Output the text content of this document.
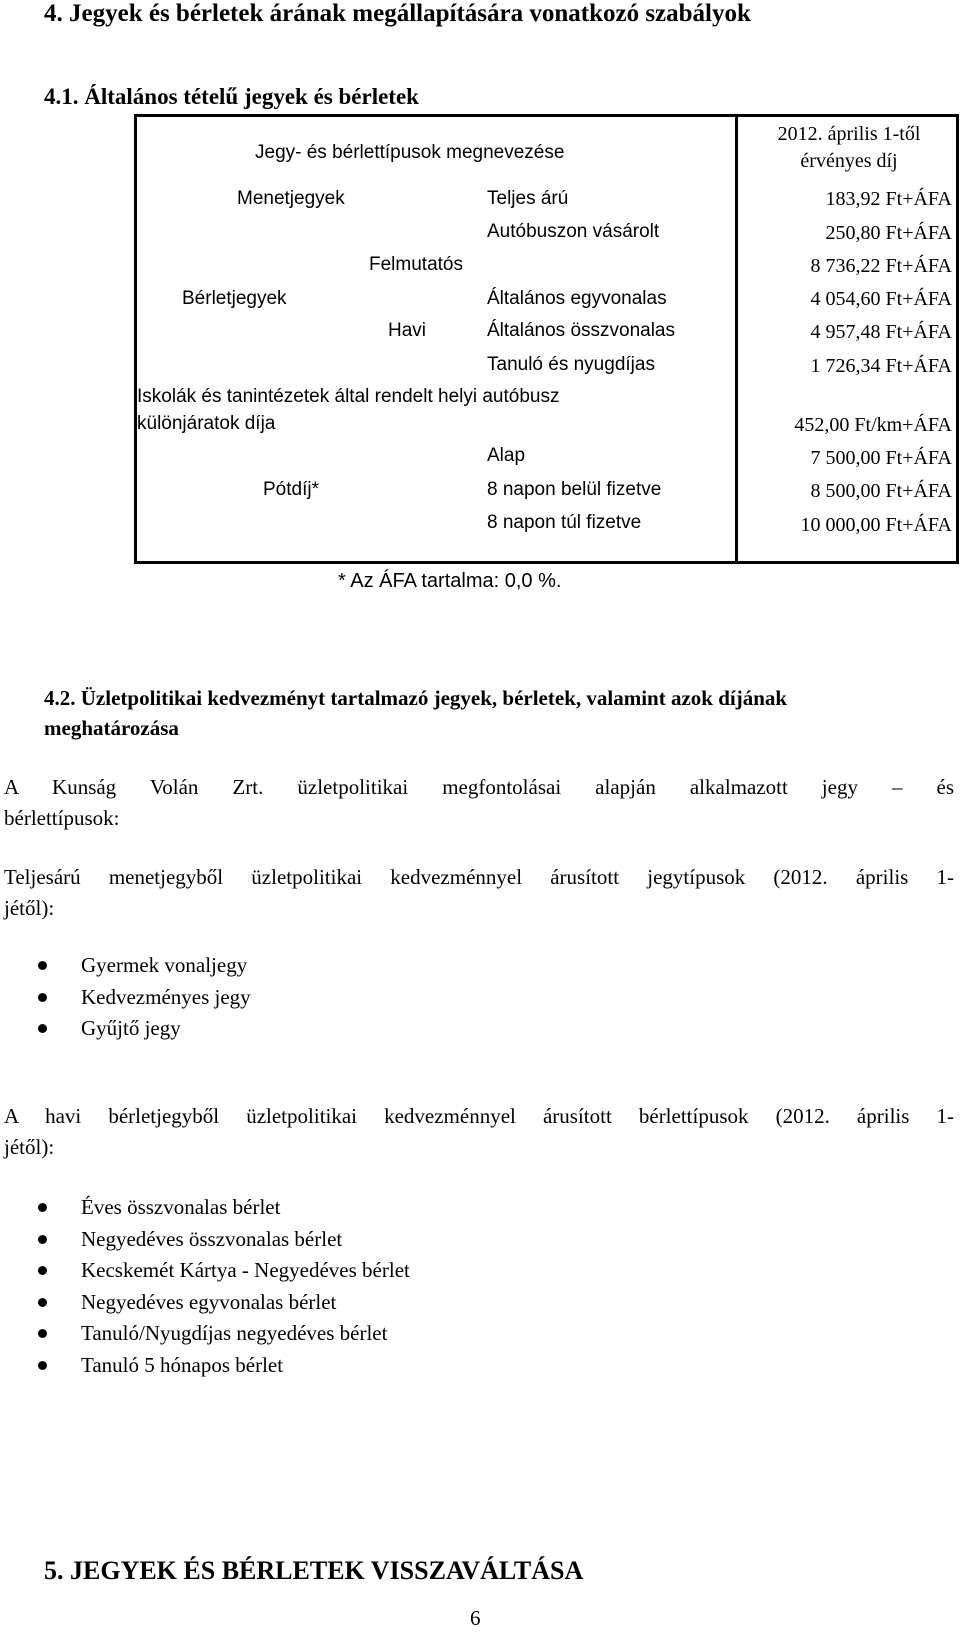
4. Jegyek és bérletek árának megállapítására vonatkozó szabályok
4.1. Általános tételű jegyek és bérletek
Jegy- és bérlettípusok megnevezése
2012. április 1-től érvényes díj
Menetjegyek	Teljes árú	183,92 Ft+ÁFA
Autóbuszon vásárolt	250,80 Ft+ÁFA
Felmutatós	8 736,22 Ft+ÁFA
Bérletjegyek	Általános egyvonalas	4 054,60 Ft+ÁFA
Havi	Általános összvonalas	4 957,48 Ft+ÁFA
Tanuló és nyugdíjas	1 726,34 Ft+ÁFA
Iskolák és tanintézetek által rendelt helyi autóbusz
különjáratok díja	452,00 Ft/km+ÁFA
Alap	7 500,00 Ft+ÁFA
Pótdíj*	8 napon belül fizetve	8 500,00 Ft+ÁFA
8 napon túl fizetve	10 000,00 Ft+ÁFA
* Az ÁFA tartalma: 0,0 %.
4.2. Üzletpolitikai kedvezményt tartalmazó jegyek, bérletek, valamint azok díjának meghatározása
A Kunság Volán Zrt. üzletpolitikai megfontolásai alapján alkalmazott jegy – és
bérlettípusok:
Teljesárú menetjegyből üzletpolitikai kedvezménnyel árusított jegytípusok (2012. április 1-
jétől):
Gyermek vonaljegy
Kedvezményes jegy
Gyűjtő jegy
A havi bérletjegyből üzletpolitikai kedvezménnyel árusított bérlettípusok (2012. április 1-
jétől):
Éves összvonalas bérlet
Negyedéves összvonalas bérlet
Kecskemét Kártya - Negyedéves bérlet
Negyedéves egyvonalas bérlet
Tanuló/Nyugdíjas negyedéves bérlet
Tanuló 5 hónapos bérlet
5. JEGYEK ÉS BÉRLETEK VISSZAVÁLTÁSA
6
